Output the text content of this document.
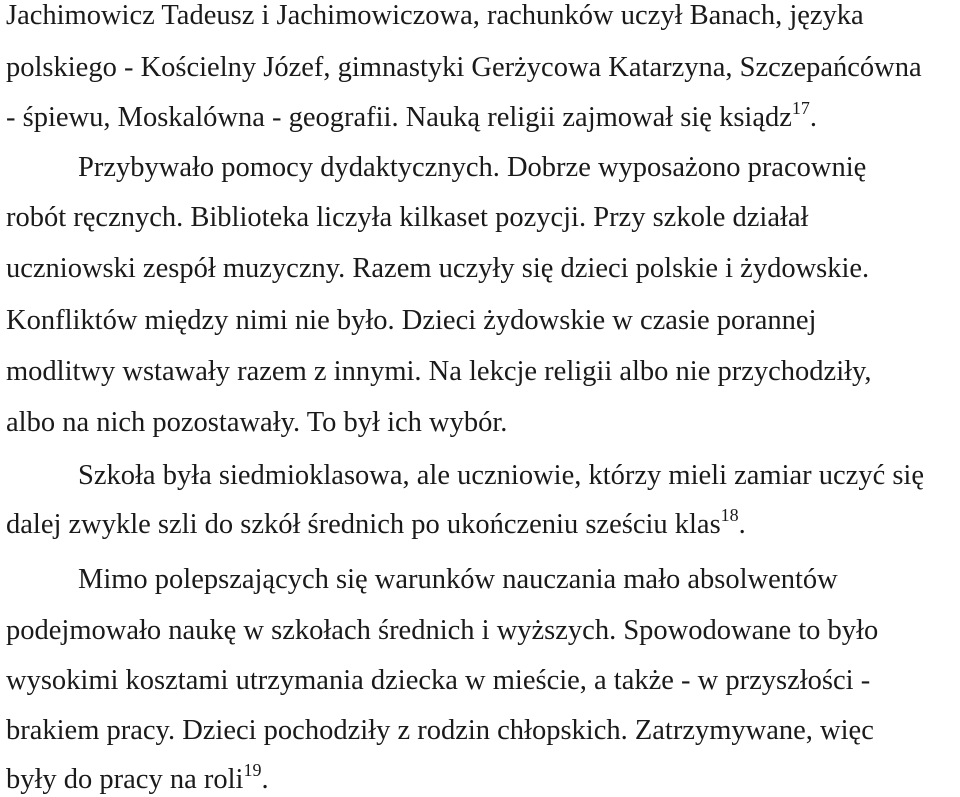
Jachimowicz Tadeusz i Jachimowiczowa, rachunków uczył Banach, języka
polskiego - Kościelny Józef, gimnastyki Gerżycowa Katarzyna, Szczepańcówna
- śpiewu, Moskalówna - geografii. Nauką religii zajmował się ksiądz$^{17}$.
Przybywało pomocy dydaktycznych. Dobrze wyposażono pracownię
robót ręcznych. Biblioteka liczyła kilkaset pozycji. Przy szkole działał
uczniowski zespół muzyczny. Razem uczyły się dzieci polskie i żydowskie.
Konfliktów między nimi nie było. Dzieci żydowskie w czasie porannej
modlitwy wstawały razem z innymi. Na lekcje religii albo nie przychodziły,
albo na nich pozostawały. To był ich wybór.
Szkoła była siedmioklasowa, ale uczniowie, którzy mieli zamiar uczyć się
dalej zwykle szli do szkół średnich po ukończeniu sześciu klas$^{18}$.
Mimo polepszających się warunków nauczania mało absolwentów
podejmowało naukę w szkołach średnich i wyższych. Spowodowane to było
wysokimi kosztami utrzymania dziecka w mieście, a także - w przyszłości -
brakiem pracy. Dzieci pochodziły z rodzin chłopskich. Zatrzymywane, więc
były do pracy na roli$^{19}$.
